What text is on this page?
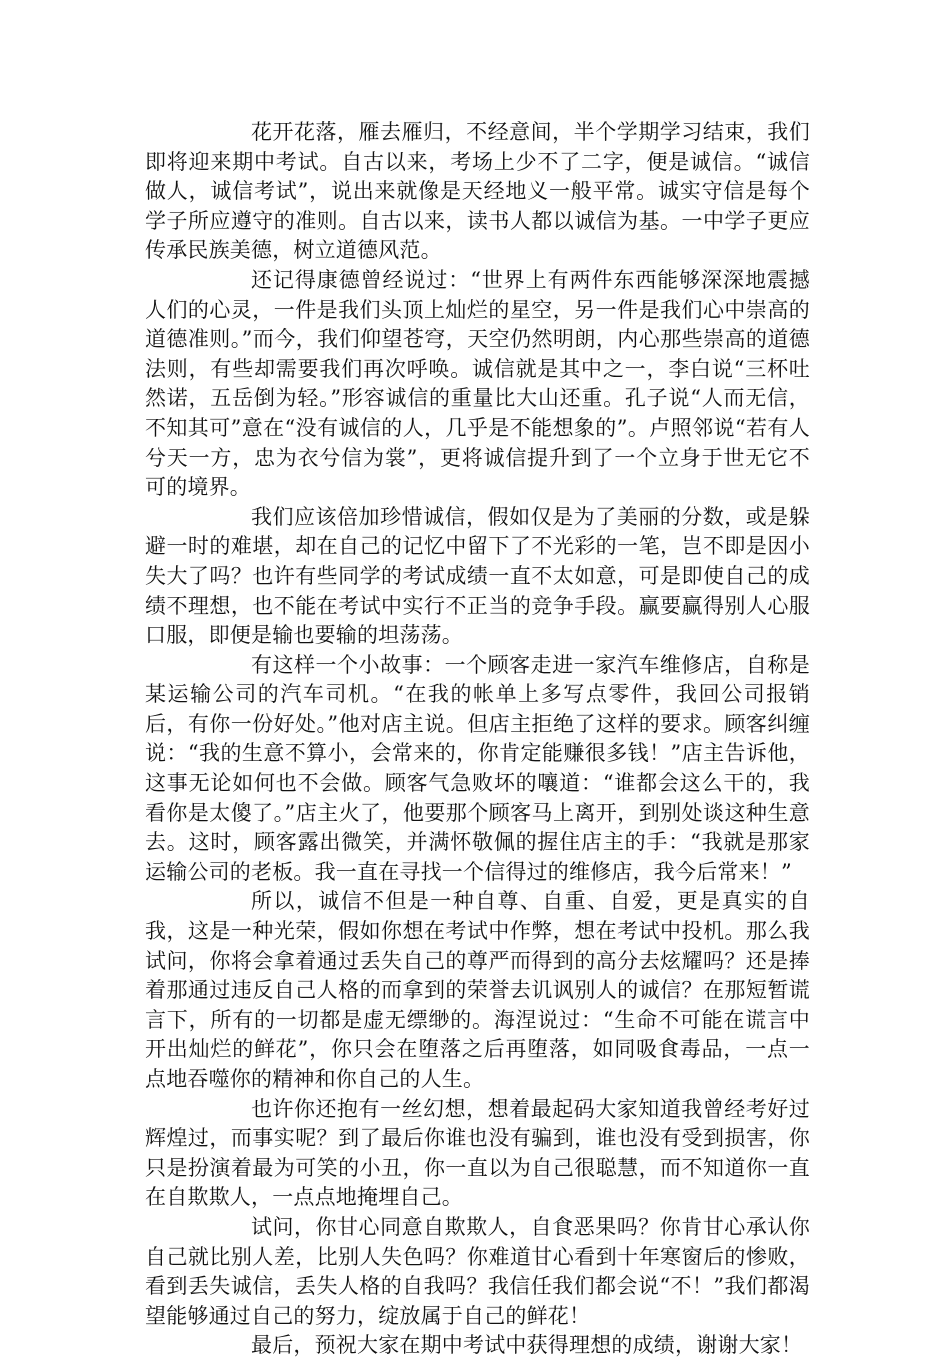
花开花落，雁去雁归，不经意间，半个学期学习结束，我们即将迎来期中考试。自古以来，考场上少不了二字，便是诚信。“诚信做人，诚信考试”，说出来就像是天经地义一般平常。诚实守信是每个学子所应遵守的准则。自古以来，读书人都以诚信为基。一中学子更应传承民族美德，树立道德风范。

还记得康德曾经说过：“世界上有两件东西能够深深地震撼人们的心灵，一件是我们头顶上灿烂的星空，另一件是我们心中崇高的道德准则。”而今，我们仰望苍穹，天空仍然明朗，内心那些崇高的道德法则，有些却需要我们再次呼唤。诚信就是其中之一，李白说“三杯吐然诺，五岳倒为轻。”形容诚信的重量比大山还重。孔子说“人而无信，不知其可”意在“没有诚信的人，几乎是不能想象的”。卢照邻说“若有人兮天一方，忠为衣兮信为裳”，更将诚信提升到了一个立身于世无它不可的境界。

我们应该倍加珍惜诚信，假如仅是为了美丽的分数，或是躲避一时的难堪，却在自己的记忆中留下了不光彩的一笔，岂不即是因小失大了吗？也许有些同学的考试成绩一直不太如意，可是即使自己的成绩不理想，也不能在考试中实行不正当的竞争手段。赢要赢得别人心服口服，即便是输也要输的坦荡荡。

有这样一个小故事：一个顾客走进一家汽车维修店，自称是某运输公司的汽车司机。“在我的帐单上多写点零件，我回公司报销后，有你一份好处。”他对店主说。但店主拒绝了这样的要求。顾客纠缠说：“我的生意不算小，会常来的，你肯定能赚很多钱！”店主告诉他，这事无论如何也不会做。顾客气急败坏的嚷道：“谁都会这么干的，我看你是太傻了。”店主火了，他要那个顾客马上离开，到别处谈这种生意去。这时，顾客露出微笑，并满怀敬佩的握住店主的手：“我就是那家运输公司的老板。我一直在寻找一个信得过的维修店，我今后常来！”

所以，诚信不但是一种自尊、自重、自爱，更是真实的自我，这是一种光荣，假如你想在考试中作弊，想在考试中投机。那么我试问，你将会拿着通过丢失自己的尊严而得到的高分去炫耀吗？还是捧着那通过违反自己人格的而拿到的荣誉去讥讽别人的诚信？在那短暂谎言下，所有的一切都是虚无缥缈的。海涅说过：“生命不可能在谎言中开出灿烂的鲜花”，你只会在堕落之后再堕落，如同吸食毒品，一点一点地吞噬你的精神和你自己的人生。

也许你还抱有一丝幻想，想着最起码大家知道我曾经考好过辉煌过，而事实呢？到了最后你谁也没有骗到，谁也没有受到损害，你只是扮演着最为可笑的小丑，你一直以为自己很聪慧，而不知道你一直在自欺欺人，一点点地掩埋自己。

试问，你甘心同意自欺欺人，自食恶果吗？你肯甘心承认你自己就比别人差，比别人失色吗？你难道甘心看到十年寒窗后的惨败，看到丢失诚信，丢失人格的自我吗？我信任我们都会说“不！”我们都渴望能够通过自己的努力，绽放属于自己的鲜花！

最后，预祝大家在期中考试中获得理想的成绩，谢谢大家！
